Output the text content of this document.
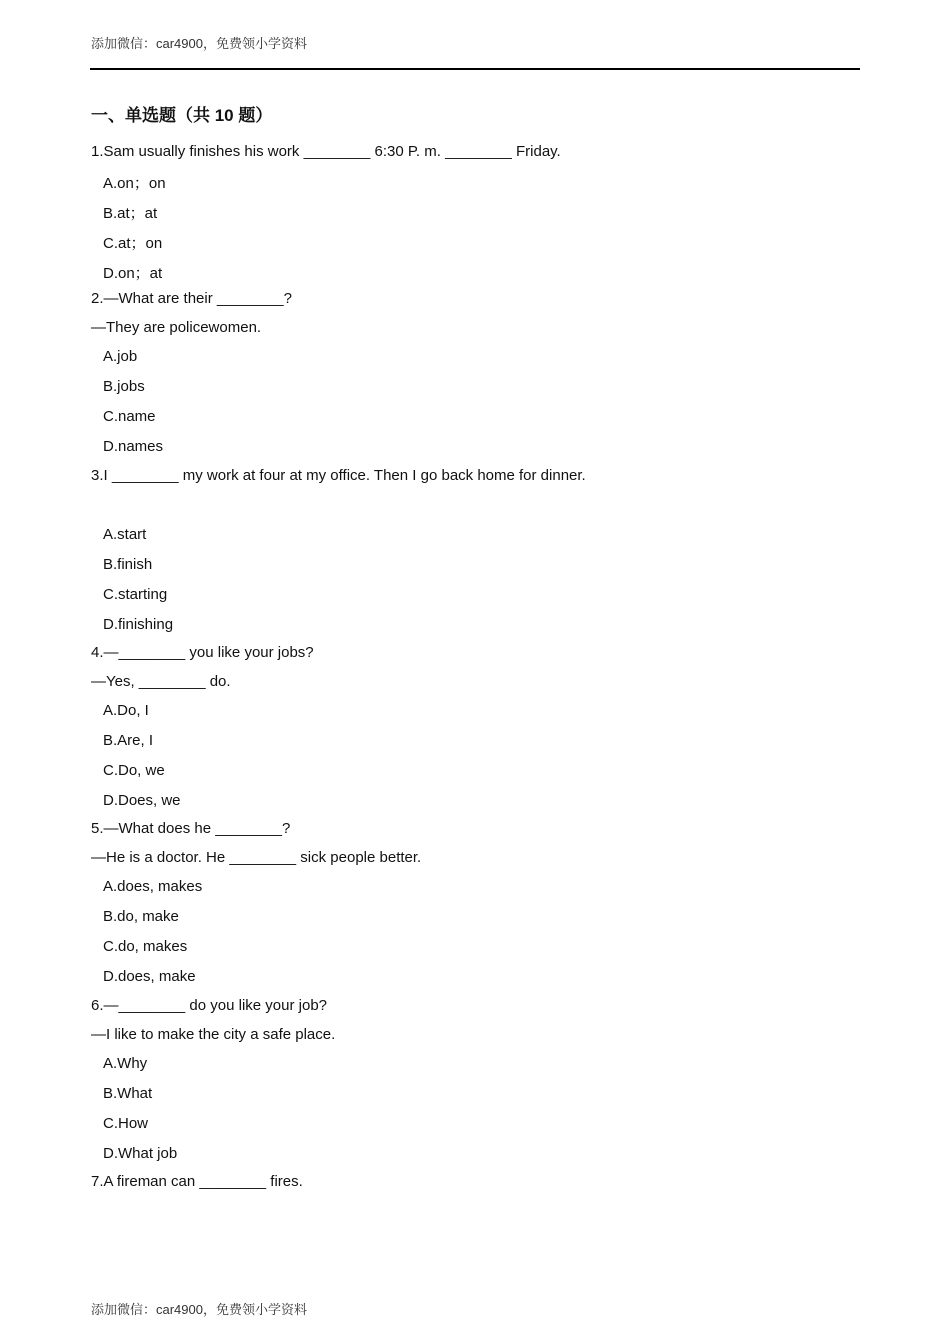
添加微信：car4900，免费领小学资料
一、单选题（共 10 题）
1.Sam usually finishes his work ________ 6:30 P. m. ________ Friday.
A.on；on
B.at；at
C.at；on
D.on；at
2.—What are their ________?
—They are policewomen.
A.job
B.jobs
C.name
D.names
3.I ________ my work at four at my office. Then I go back home for dinner.
A.start
B.finish
C.starting
D.finishing
4.—________ you like your jobs?
—Yes, ________ do.
A.Do, I
B.Are, I
C.Do, we
D.Does, we
5.—What does he ________?
—He is a doctor. He ________ sick people better.
A.does, makes
B.do, make
C.do, makes
D.does, make
6.—________ do you like your job?
—I like to make the city a safe place.
A.Why
B.What
C.How
D.What job
7.A fireman can ________ fires.
添加微信：car4900，免费领小学资料
